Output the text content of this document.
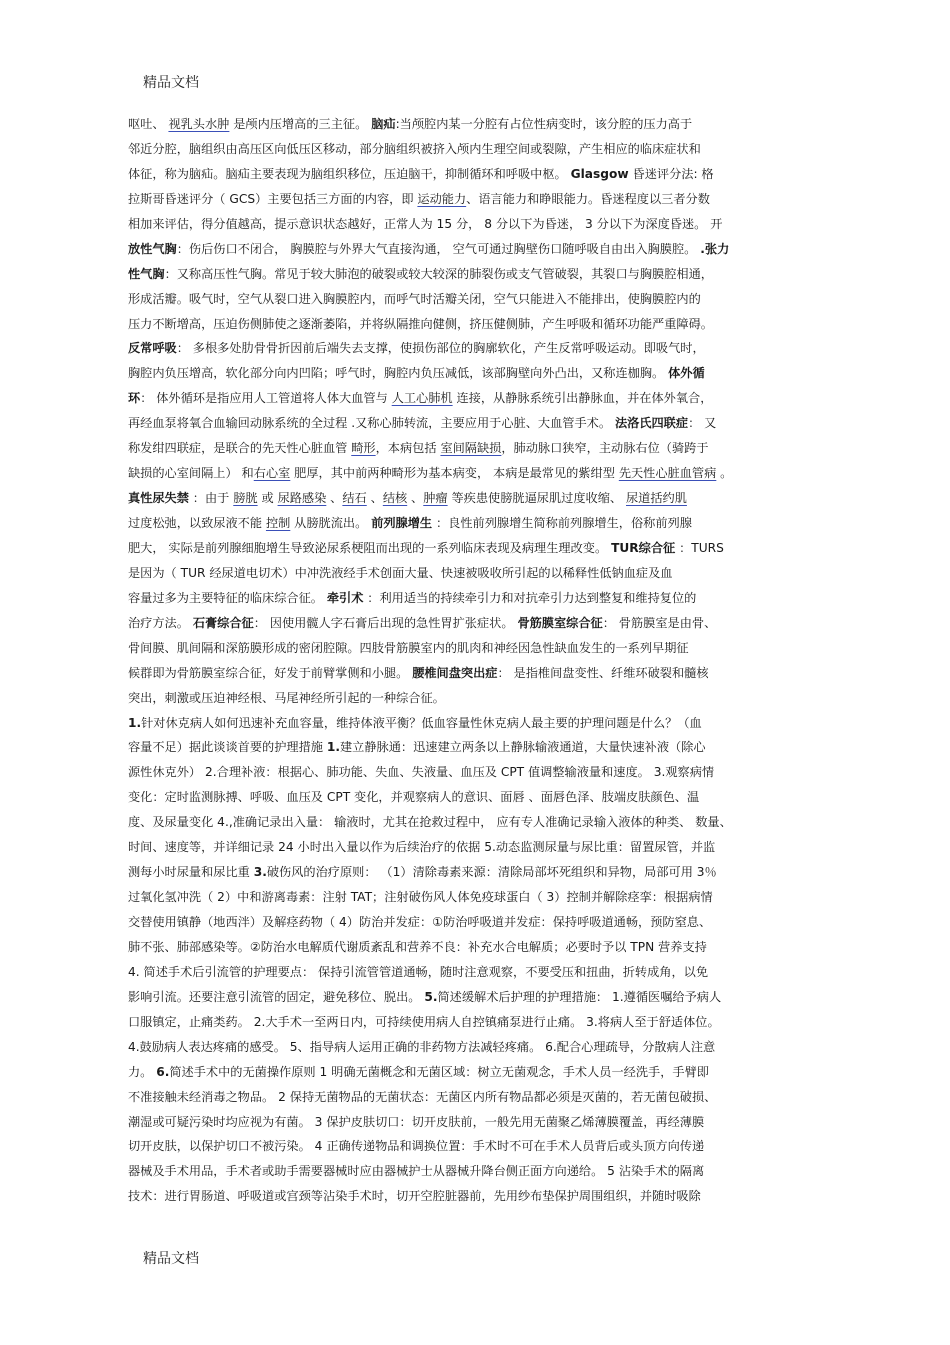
精品文档
呕吐、 视乳头水肿 是颅内压增高的三主征。 脑疝:当颅腔内某一分腔有占位性病变时，该分腔的压力高于
邻近分腔，脑组织由高压区向低压区移动，部分脑组织被挤入颅内生理空间或裂隙，产生相应的临床症状和
体征，称为脑疝。脑疝主要表现为脑组织移位，压迫脑干，抑制循环和呼吸中枢。 Glasgow 昏迷评分法: 格
拉斯哥昏迷评分（ GCS）主要包括三方面的内容，即 运动能力、语言能力和睁眼能力。昏迷程度以三者分数
相加来评估，得分值越高，提示意识状态越好，正常人为 15 分， 8 分以下为昏迷， 3 分以下为深度昏迷。 开
放性气胸：伤后伤口不闭合， 胸膜腔与外界大气直接沟通， 空气可通过胸壁伤口随呼吸自由出入胸膜腔。 .张力
性气胸：又称高压性气胸。常见于较大肺泡的破裂或较大较深的肺裂伤或支气管破裂，其裂口与胸膜腔相通，
形成活瓣。吸气时，空气从裂口进入胸膜腔内，而呼气时活瓣关闭，空气只能进入不能排出，使胸膜腔内的
压力不断增高，压迫伤侧肺使之逐渐萎陷，并将纵隔推向健侧，挤压健侧肺，产生呼吸和循环功能严重障碍。
反常呼吸： 多根多处肋骨骨折因前后端失去支撑，使损伤部位的胸廓软化，产生反常呼吸运动。即吸气时，
胸腔内负压增高，软化部分向内凹陷；呼气时，胸腔内负压减低，该部胸壁向外凸出，又称连枷胸。 体外循
环： 体外循环是指应用人工管道将人体大血管与 人工心肺机 连接，从静脉系统引出静脉血，并在体外氧合，
再经血泵将氧合血输回动脉系统的全过程 .又称心肺转流，主要应用于心脏、大血管手术。 法洛氏四联症： 又
称发绀四联症，是联合的先天性心脏血管 畸形，本病包括 室间隔缺损，肺动脉口狭窄，主动脉右位（骑跨于
缺损的心室间隔上） 和右心室 肥厚，其中前两种畸形为基本病变， 本病是最常见的紫绀型 先天性心脏血管病 。
真性尿失禁 ：由于 膀胱 或 尿路感染 、结石 、结核 、肿瘤 等疾患使膀胱逼尿肌过度收缩、 尿道括约肌
过度松弛，以致尿液不能 控制 从膀胱流出。 前列腺增生 ：良性前列腺增生简称前列腺增生，俗称前列腺
肥大， 实际是前列腺细胞增生导致泌尿系梗阻而出现的一系列临床表现及病理生理改变。 TUR综合征 ：TURS
是因为（ TUR 经尿道电切术）中冲洗液经手术创面大量、快速被吸收所引起的以稀释性低钠血症及血
容量过多为主要特征的临床综合征。 牵引术 ：利用适当的持续牵引力和对抗牵引力达到整复和维持复位的
治疗方法。 石膏综合征： 因使用髋人字石膏后出现的急性胃扩张症状。 骨筋膜室综合征： 骨筋膜室是由骨、
骨间膜、肌间隔和深筋膜形成的密闭腔隙。四肢骨筋膜室内的肌肉和神经因急性缺血发生的一系列早期征
候群即为骨筋膜室综合征，好发于前臂掌侧和小腿。 腰椎间盘突出症： 是指椎间盘变性、纤维环破裂和髓核
突出，刺激或压迫神经根、马尾神经所引起的一种综合征。
1.针对休克病人如何迅速补充血容量，维持体液平衡？低血容量性休克病人最主要的护理问题是什么？（血
容量不足）据此谈谈首要的护理措施 1.建立静脉通：迅速建立两条以上静脉输液通道，大量快速补液（除心
源性休克外） 2.合理补液：根据心、肺功能、失血、失液量、血压及 CPT 值调整输液量和速度。 3.观察病情
变化：定时监测脉搏、呼吸、血压及 CPT 变化，并观察病人的意识、面唇 、面唇色泽、肢端皮肤颜色、温
度、及尿量变化 4.,准确记录出入量： 输液时，尤其在抢救过程中， 应有专人准确记录输入液体的种类、 数量、
时间、速度等，并详细记录 24 小时出入量以作为后续治疗的依据 5.动态监测尿量与尿比重：留置尿管，并监
测每小时尿量和尿比重 3.破伤风的治疗原则： （1）清除毒素来源：清除局部坏死组织和异物，局部可用 3％
过氧化氢冲洗（ 2）中和游离毒素：注射 TAT；注射破伤风人体免疫球蛋白（ 3）控制并解除痉挛：根据病情
交替使用镇静（地西泮）及解痉药物（ 4）防治并发症：①防治呼吸道并发症：保持呼吸道通畅，预防窒息、
肺不张、肺部感染等。②防治水电解质代谢质紊乱和营养不良：补充水合电解质；必要时予以 TPN 营养支持
4. 简述手术后引流管的护理要点： 保持引流管管道通畅，随时注意观察，不要受压和扭曲，折转成角，以免
影响引流。还要注意引流管的固定，避免移位、脱出。 5.简述缓解术后护理的护理措施： 1.遵循医嘱给予病人
口服镇定，止痛类药。 2.大手术一至两日内，可持续使用病人自控镇痛泵进行止痛。 3.将病人至于舒适体位。
4.鼓励病人表达疼痛的感受。 5、指导病人运用正确的非药物方法减轻疼痛。 6.配合心理疏导，分散病人注意
力。 6.简述手术中的无菌操作原则 1 明确无菌概念和无菌区域：树立无菌观念，手术人员一经洗手，手臂即
不准接触未经消毒之物品。 2 保持无菌物品的无菌状态：无菌区内所有物品都必须是灭菌的，若无菌包破损、
潮湿或可疑污染时均应视为有菌。 3 保护皮肤切口：切开皮肤前，一般先用无菌聚乙烯薄膜覆盖，再经薄膜
切开皮肤，以保护切口不被污染。 4 正确传递物品和调换位置：手术时不可在手术人员背后或头顶方向传递
器械及手术用品，手术者或助手需要器械时应由器械护士从器械升降台侧正面方向递给。 5 沾染手术的隔离
技术：进行胃肠道、呼吸道或宫颈等沾染手术时，切开空腔脏器前，先用纱布垫保护周围组织，并随时吸除
精品文档
